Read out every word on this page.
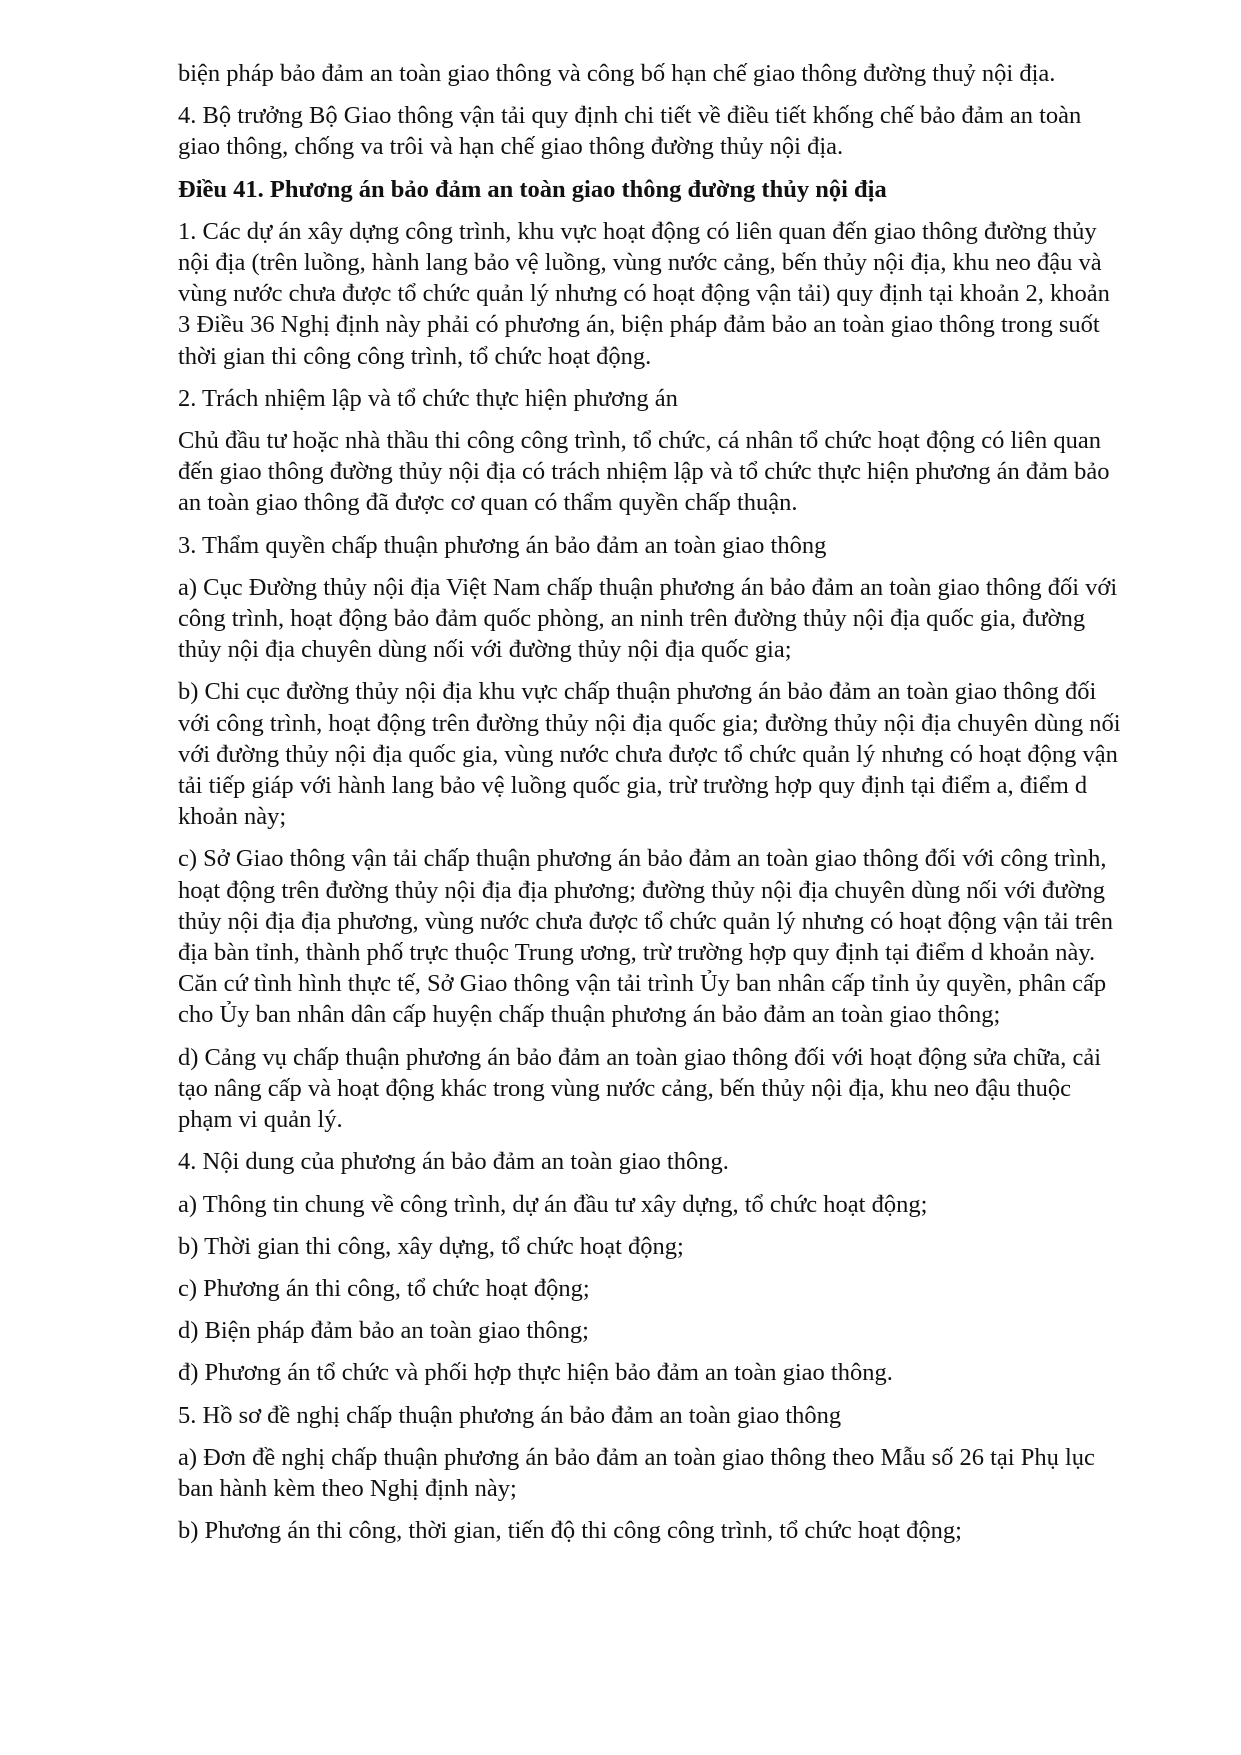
biện pháp bảo đảm an toàn giao thông và công bố hạn chế giao thông đường thuỷ nội địa.

4. Bộ trưởng Bộ Giao thông vận tải quy định chi tiết về điều tiết khống chế bảo đảm an toàn giao thông, chống va trôi và hạn chế giao thông đường thủy nội địa.

Điều 41. Phương án bảo đảm an toàn giao thông đường thủy nội địa

1. Các dự án xây dựng công trình, khu vực hoạt động có liên quan đến giao thông đường thủy nội địa (trên luồng, hành lang bảo vệ luồng, vùng nước cảng, bến thủy nội địa, khu neo đậu và vùng nước chưa được tổ chức quản lý nhưng có hoạt động vận tải) quy định tại khoản 2, khoản 3 Điều 36 Nghị định này phải có phương án, biện pháp đảm bảo an toàn giao thông trong suốt thời gian thi công công trình, tổ chức hoạt động.

2. Trách nhiệm lập và tổ chức thực hiện phương án

Chủ đầu tư hoặc nhà thầu thi công công trình, tổ chức, cá nhân tổ chức hoạt động có liên quan đến giao thông đường thủy nội địa có trách nhiệm lập và tổ chức thực hiện phương án đảm bảo an toàn giao thông đã được cơ quan có thẩm quyền chấp thuận.

3. Thẩm quyền chấp thuận phương án bảo đảm an toàn giao thông

a) Cục Đường thủy nội địa Việt Nam chấp thuận phương án bảo đảm an toàn giao thông đối với công trình, hoạt động bảo đảm quốc phòng, an ninh trên đường thủy nội địa quốc gia, đường thủy nội địa chuyên dùng nối với đường thủy nội địa quốc gia;

b) Chi cục đường thủy nội địa khu vực chấp thuận phương án bảo đảm an toàn giao thông đối với công trình, hoạt động trên đường thủy nội địa quốc gia; đường thủy nội địa chuyên dùng nối với đường thủy nội địa quốc gia, vùng nước chưa được tổ chức quản lý nhưng có hoạt động vận tải tiếp giáp với hành lang bảo vệ luồng quốc gia, trừ trường hợp quy định tại điểm a, điểm d khoản này;

c) Sở Giao thông vận tải chấp thuận phương án bảo đảm an toàn giao thông đối với công trình, hoạt động trên đường thủy nội địa địa phương; đường thủy nội địa chuyên dùng nối với đường thủy nội địa địa phương, vùng nước chưa được tổ chức quản lý nhưng có hoạt động vận tải trên địa bàn tỉnh, thành phố trực thuộc Trung ương, trừ trường hợp quy định tại điểm d khoản này. Căn cứ tình hình thực tế, Sở Giao thông vận tải trình Ủy ban nhân cấp tỉnh ủy quyền, phân cấp cho Ủy ban nhân dân cấp huyện chấp thuận phương án bảo đảm an toàn giao thông;

d) Cảng vụ chấp thuận phương án bảo đảm an toàn giao thông đối với hoạt động sửa chữa, cải tạo nâng cấp và hoạt động khác trong vùng nước cảng, bến thủy nội địa, khu neo đậu thuộc phạm vi quản lý.

4. Nội dung của phương án bảo đảm an toàn giao thông.

a) Thông tin chung về công trình, dự án đầu tư xây dựng, tổ chức hoạt động;

b) Thời gian thi công, xây dựng, tổ chức hoạt động;

c) Phương án thi công, tổ chức hoạt động;

d) Biện pháp đảm bảo an toàn giao thông;

đ) Phương án tổ chức và phối hợp thực hiện bảo đảm an toàn giao thông.

5. Hồ sơ đề nghị chấp thuận phương án bảo đảm an toàn giao thông

a) Đơn đề nghị chấp thuận phương án bảo đảm an toàn giao thông theo Mẫu số 26 tại Phụ lục ban hành kèm theo Nghị định này;

b) Phương án thi công, thời gian, tiến độ thi công công trình, tổ chức hoạt động;
